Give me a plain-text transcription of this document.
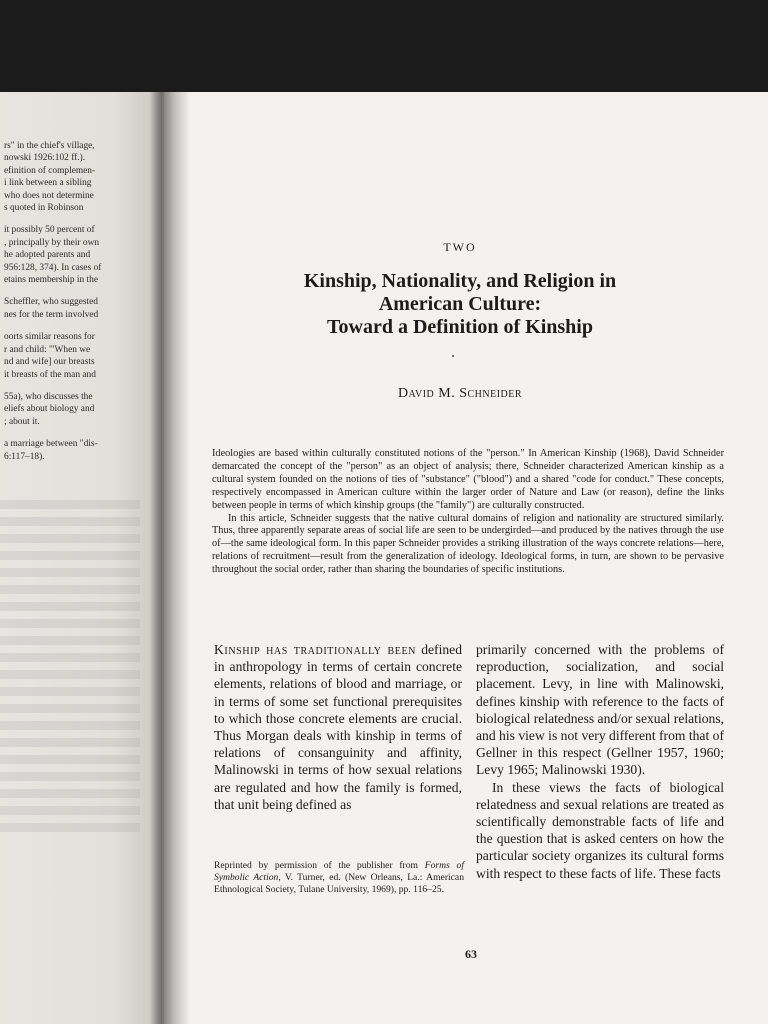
rs" in the chief's village,

nowski 1926:102 ff.).

efinition of complemen-

i link between a sibling

who does not determine

s quoted in Robinson

it possibly 50 percent of

, principally by their own

he adopted parents and

956:128, 374). In cases of

etains membership in the

Scheffler, who suggested

nes for the term involved

oorts similar reasons for

r and child: "'When we

nd and wife] our breasts

it breasts of the man and

55a), who discusses the

eliefs about biology and

; about it.

a marriage between "dis-

6:117–18).

TWO
Kinship, Nationality, and Religion in
American Culture:
Toward a Definition of Kinship
David M. Schneider

Ideologies are based within culturally constituted notions of the "person." In American Kinship (1968), David Schneider demarcated the concept of the "person" as an object of analysis; there, Schneider characterized American kinship as a cultural system founded on the notions of ties of "substance" ("blood") and a shared "code for conduct." These concepts, respectively encompassed in American culture within the larger order of Nature and Law (or reason), define the links between people in terms of which kinship groups (the "family") are culturally constructed.

In this article, Schneider suggests that the native cultural domains of religion and nationality are structured similarly. Thus, three apparently separate areas of social life are seen to be undergirded—and produced by the natives through the use of—the same ideological form. In this paper Schneider provides a striking illustration of the ways concrete relations—here, relations of recruitment—result from the generalization of ideology. Ideological forms, in turn, are shown to be pervasive throughout the social order, rather than sharing the boundaries of specific institutions.

Kinship has traditionally been defined in anthropology in terms of certain concrete elements, relations of blood and marriage, or in terms of some set functional prerequisites to which those concrete elements are crucial. Thus Morgan deals with kinship in terms of relations of consanguinity and affinity, Malinowski in terms of how sexual relations are regulated and how the family is formed, that unit being defined as

primarily concerned with the problems of reproduction, socialization, and social placement. Levy, in line with Malinowski, defines kinship with reference to the facts of biological relatedness and/or sexual relations, and his view is not very different from that of Gellner in this respect (Gellner 1957, 1960; Levy 1965; Malinowski 1930).

In these views the facts of biological relatedness and sexual relations are treated as scientifically demonstrable facts of life and the question that is asked centers on how the particular society organizes its cultural forms with respect to these facts of life. These facts

Reprinted by permission of the publisher from Forms of Symbolic Action, V. Turner, ed. (New Orleans, La.: American Ethnological Society, Tulane University, 1969), pp. 116–25.
63
